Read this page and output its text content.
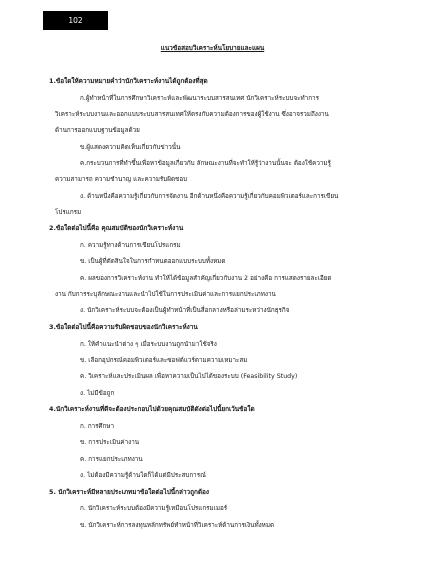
102
แนวข้อสอบวิเคราะห์นโยบายและแผน

1.ข้อใดให้ความหมายคำว่านักวิเคราะห์งานได้ถูกต้องที่สุด

ก.ผู้ทำหน้าที่ในการศึกษาวิเคราะห์และพัฒนาระบบสารสนเทศ นักวิเคราะห์ระบบจะทำการ

วิเคราะห์ระบบงานและออกแบบระบบสารสนเทศให้ตรงกับความต้องการของผู้ใช้งาน ซึ่งอาจรวมถึงงาน

ด้านการออกแบบฐานข้อมูลด้วย

ข.ผู้แสดงความคิดเห็นเกี่ยวกับข่าวนั้น

ค.กระบวนการที่ทำขึ้นเพื่อหาข้อมูลเกี่ยวกับ ลักษณะงานที่จะทำให้รู้ว่างานนั้นจะ ต้องใช้ความรู้

ความสามารถ ความชำนาญ และความรับผิดชอบ

ง. ด้านหนึ่งคือความรู้เกี่ยวกับการจัดงาน อีกด้านหนึ่งคือความรู้เกี่ยวกับคอมพิวเตอร์และการเขียน

โปรแกรม

2.ข้อใดต่อไปนี้คือ คุณสมบัติของนักวิเคราะห์งาน

ก. ความรู้ทางด้านการเขียนโปรแกรม

ข. เป็นผู้ที่ตัดสินใจในการกำหนดออกแบบระบบทั้งหมด

ค. ผลของการวิเคราะห์งาน ทำให้ได้ข้อมูลสำคัญเกี่ยวกับงาน 2 อย่างคือ การแสดงรายละเอียด

งาน กับการระบุลักษณะงานและนำไปใช้ในการประเมินค่าและการแยกประเภทงาน

ง. นักวิเคราะห์ระบบจะต้องเป็นผู้ทำหน้าที่เป็นสื่อกลางหรือล่ามระหว่างนักธุรกิจ

3.ข้อใดต่อไปนี้คือความรับผิดชอบของนักวิเคราะห์งาน

ก. ให้คำแนะนำต่าง ๆ เมื่อระบบงานถูกนำมาใช้จริง

ข. เลือกอุปกรณ์คอมพิวเตอร์และซอฟต์แวร์ตามความเหมาะสม

ค. วิเคราะห์และประเมินผล เพื่อหาความเป็นไปได้ของระบบ (Feasibility Study)

ง. ไม่มีข้อถูก

4.นักวิเคราะห์งานที่ดีจะต้องประกอบไปด้วยคุณสมบัติดังต่อไปนี้ยกเว้นข้อใด

ก. การศึกษา

ข. การประเมินค่างาน

ค. การแยกประเภทงาน

ง. ไม่ต้องมีความรู้ด้านใดก็ได้แต่มีประสบการณ์

5. นักวิเคราะห์มีหลายประเภทมาข้อใดต่อไปนี้กล่าวถูกต้อง

ก. นักวิเคราะห์ระบบต้องมีความรู้เหมือนโปรแกรมเมอร์

ข. นักวิเคราะห์การลงทุนหลักทรัพย์ทำหน้าที่วิเคราะห์ด้านการเงินทั้งหมด
